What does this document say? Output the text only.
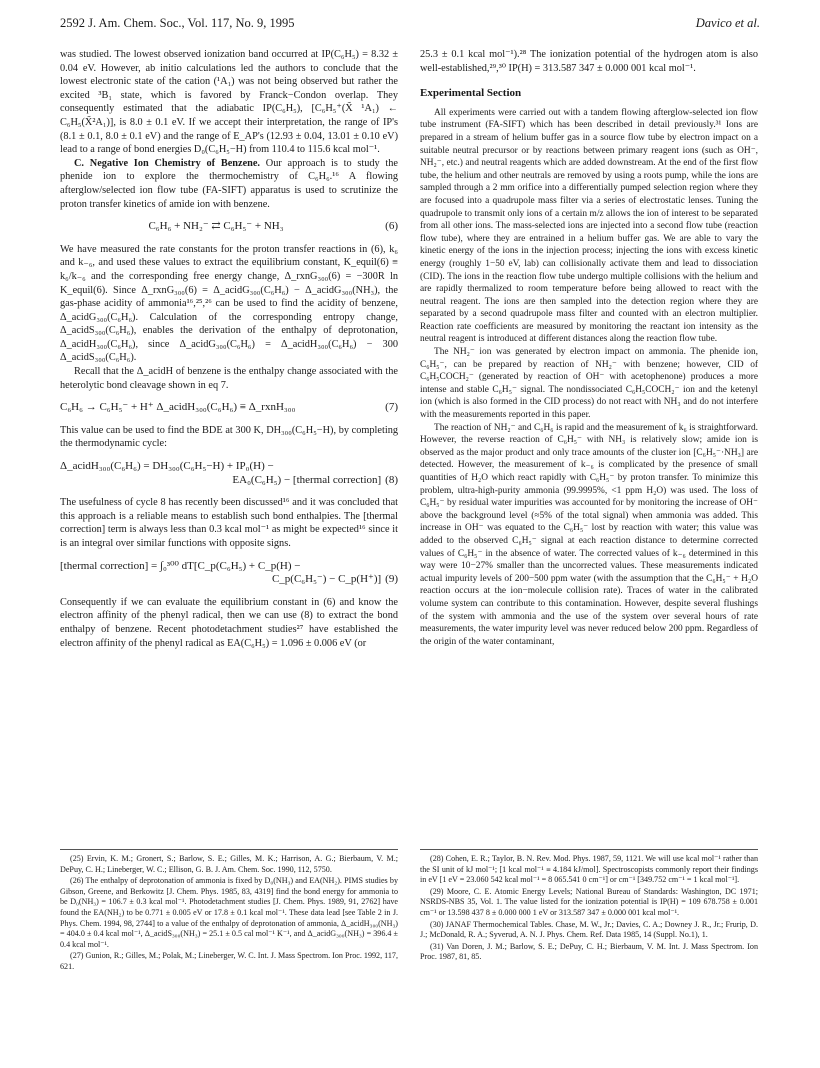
2592 J. Am. Chem. Soc., Vol. 117, No. 9, 1995	Davico et al.

was studied. The lowest observed ionization band occurred at IP(C₆H₅) = 8.32 ± 0.04 eV. However, ab initio calculations led the authors to conclude that the lowest electronic state of the cation (¹A₁) was not being observed but rather the excited ³B₁ state, which is favored by Franck−Condon overlap. They consequently estimated that the adiabatic IP(C₆H₅), [C₆H₅⁺(X̃ ¹A₁) ← C₆H₅(X̃²A₁)], is 8.0 ± 0.1 eV. If we accept their interpretation, the range of IP's (8.1 ± 0.1, 8.0 ± 0.1 eV) and the range of E_AP's (12.93 ± 0.04, 13.01 ± 0.10 eV) lead to a range of bond energies D₀(C₆H₅−H) from 110.4 to 115.6 kcal mol⁻¹.

C. Negative Ion Chemistry of Benzene. Our approach is to study the phenide ion to explore the thermochemistry of C₆H₆.¹⁶ A flowing afterglow/selected ion flow tube (FA-SIFT) apparatus is used to scrutinize the proton transfer kinetics of amide ion with benzene.

C₆H₆ + NH₂⁻ ⇄ C₆H₅⁻ + NH₃	(6)

We have measured the rate constants for the proton transfer reactions in (6), k₆ and k₋₆, and used these values to extract the equilibrium constant, K_equil(6) ≡ k₆/k₋₆ and the corresponding free energy change, Δ_rxnG₃₀₀(6) = −300R ln K_equil(6). Since Δ_rxnG₃₀₀(6) = Δ_acidG₃₀₀(C₆H₆) − Δ_acidG₃₀₀(NH₃), the gas-phase acidity of ammonia¹⁶,²⁵,²⁶ can be used to find the acidity of benzene, Δ_acidG₃₀₀(C₆H₆). Calculation of the corresponding entropy change, Δ_acidS₃₀₀(C₆H₆), enables the derivation of the enthalpy of deprotonation, Δ_acidH₃₀₀(C₆H₆), since Δ_acidG₃₀₀(C₆H₆) = Δ_acidH₃₀₀(C₆H₆) − 300 Δ_acidS₃₀₀(C₆H₆).

Recall that the Δ_acidH of benzene is the enthalpy change associated with the heterolytic bond cleavage shown in eq 7.

C₆H₆ → C₆H₅⁻ + H⁺ Δ_acidH₃₀₀(C₆H₆) ≡ Δ_rxnH₃₀₀	(7)

This value can be used to find the BDE at 300 K, DH₃₀₀(C₆H₅−H), by completing the thermodynamic cycle:

Δ_acidH₃₀₀(C₆H₆) = DH₃₀₀(C₆H₅−H) + IP₀(H) −
EA₀(C₆H₅) − [thermal correction] (8)

The usefulness of cycle 8 has recently been discussed¹⁶ and it was concluded that this approach is a reliable means to establish such bond enthalpies. The [thermal correction] term is always less than 0.3 kcal mol⁻¹ as might be expected¹⁶ since it is an integral over similar functions with opposite signs.

[thermal correction] = ∫₀³⁰⁰ dT[C_p(C₆H₅) + C_p(H) −
C_p(C₆H₅⁻) − C_p(H⁺)] (9)

Consequently if we can evaluate the equilibrium constant in (6) and know the electron affinity of the phenyl radical, then we can use (8) to extract the bond enthalpy of benzene. Recent photodetachment studies²⁷ have established the electron affinity of the phenyl radical as EA(C₆H₅) = 1.096 ± 0.006 eV (or

25.3 ± 0.1 kcal mol⁻¹).²⁸ The ionization potential of the hydrogen atom is also well-established,²⁹,³⁰ IP(H) = 313.587 347 ± 0.000 001 kcal mol⁻¹.

Experimental Section

All experiments were carried out with a tandem flowing afterglow-selected ion flow tube instrument (FA-SIFT) which has been described in detail previously.³¹ Ions are prepared in a stream of helium buffer gas in a source flow tube by electron impact on a suitable neutral precursor or by reactions between primary reagent ions (such as OH⁻, NH₂⁻, etc.) and neutral reagents which are added downstream. At the end of the first flow tube, the helium and other neutrals are removed by using a roots pump, while the ions are sampled through a 2 mm orifice into a differentially pumped selection region where they are focused into a quadrupole mass filter via a series of electrostatic lenses. Tuning the quadrupole to transmit only ions of a certain m/z allows the ion of interest to be separated from all other ions. The mass-selected ions are injected into a second flow tube (reaction flow tube), where they are entrained in a helium buffer gas. We are able to vary the kinetic energy of the ions in the injection process; injecting the ions with excess kinetic energy (roughly 1−50 eV, lab) can collisionally activate them and lead to dissociation (CID). The ions in the reaction flow tube undergo multiple collisions with the helium and are rapidly thermalized to room temperature before being allowed to react with the neutral reagent. The ions are then sampled into the detection region where they are separated by a second quadrupole mass filter and counted with an electron multiplier. Reaction rate coefficients are measured by monitoring the reactant ion intensity as the neutral reagent is introduced at different distances along the reaction flow tube.

The NH₂⁻ ion was generated by electron impact on ammonia. The phenide ion, C₆H₅⁻, can be prepared by reaction of NH₂⁻ with benzene; however, CID of C₆H₅COCH₂⁻ (generated by reaction of OH⁻ with acetophenone) produces a more intense and stable C₆H₅⁻ signal. The nondissociated C₆H₅COCH₂⁻ ion and the ketenyl ion (which is also formed in the CID process) do not react with NH₃ and do not interfere with the measurements reported in this paper.

The reaction of NH₂⁻ and C₆H₆ is rapid and the measurement of k₆ is straightforward. However, the reverse reaction of C₆H₅⁻ with NH₃ is relatively slow; amide ion is observed as the major product and only trace amounts of the cluster ion [C₆H₅⁻·NH₃] are detected. However, the measurement of k₋₆ is complicated by the presence of small quantities of H₂O which react rapidly with C₆H₅⁻ by proton transfer. To minimize this problem, ultra-high-purity ammonia (99.9995%, <1 ppm H₂O) was used. The loss of C₆H₅⁻ by residual water impurities was accounted for by monitoring the increase of OH⁻ above the background level (≈5% of the total signal) when ammonia was added. This increase in OH⁻ was equated to the C₆H₅⁻ lost by reaction with water; this value was added to the observed C₆H₅⁻ signal at each reaction distance to determine corrected values of C₆H₅⁻ in the absence of water. The corrected values of k₋₆ determined in this way were 10−27% smaller than the uncorrected values. These measurements indicated actual impurity levels of 200−500 ppm water (with the assumption that the C₆H₅⁻ + H₂O reaction occurs at the ion−molecule collision rate). Traces of water in the calibrated volume system can contribute to this contamination. However, despite several flushings of the system with ammonia and the use of the system over several hours of rate measurements, the water impurity level was never reduced below 200 ppm. Regardless of the origin of the water contaminant,

(25) Ervin, K. M.; Gronert, S.; Barlow, S. E.; Gilles, M. K.; Harrison, A. G.; Bierbaum, V. M.; DePuy, C. H.; Lineberger, W. C.; Ellison, G. B. J. Am. Chem. Soc. 1990, 112, 5750.

(26) The enthalpy of deprotonation of ammonia is fixed by D₀(NH₃) and EA(NH₂). PIMS studies by Gibson, Greene, and Berkowitz [J. Chem. Phys. 1985, 83, 4319] find the bond energy for ammonia to be D₀(NH₃) = 106.7 ± 0.3 kcal mol⁻¹. Photodetachment studies [J. Chem. Phys. 1989, 91, 2762] have found the EA(NH₂) to be 0.771 ± 0.005 eV or 17.8 ± 0.1 kcal mol⁻¹. These data lead [see Table 2 in J. Phys. Chem. 1994, 98, 2744] to a value of the enthalpy of deprotonation of ammonia, Δ_acidH₃₀₀(NH₃) = 404.0 ± 0.4 kcal mol⁻¹, Δ_acidS₃₀₀(NH₃) = 25.1 ± 0.5 cal mol⁻¹ K⁻¹, and Δ_acidG₃₀₀(NH₃) = 396.4 ± 0.4 kcal mol⁻¹.

(27) Gunion, R.; Gilles, M.; Polak, M.; Lineberger, W. C. Int. J. Mass Spectrom. Ion Proc. 1992, 117, 621.

(28) Cohen, E. R.; Taylor, B. N. Rev. Mod. Phys. 1987, 59, 1121. We will use kcal mol⁻¹ rather than the SI unit of kJ mol⁻¹; [1 kcal mol⁻¹ ≡ 4.184 kJ/mol]. Spectroscopists commonly report their findings in eV [1 eV = 23.060 542 kcal mol⁻¹ = 8 065.541 0 cm⁻¹] or cm⁻¹ [349.752 cm⁻¹ = 1 kcal mol⁻¹].

(29) Moore, C. E. Atomic Energy Levels; National Bureau of Standards: Washington, DC 1971; NSRDS-NBS 35, Vol. 1. The value listed for the ionization potential is IP(H) = 109 678.758 ± 0.001 cm⁻¹ or 13.598 437 8 ± 0.000 000 1 eV or 313.587 347 ± 0.000 001 kcal mol⁻¹.

(30) JANAF Thermochemical Tables. Chase, M. W., Jr.; Davies, C. A.; Downey J. R., Jr.; Frurip, D. J.; McDonald, R. A.; Syverud, A. N. J. Phys. Chem. Ref. Data 1985, 14 (Suppl. No.1), 1.

(31) Van Doren, J. M.; Barlow, S. E.; DePuy, C. H.; Bierbaum, V. M. Int. J. Mass Spectrom. Ion Proc. 1987, 81, 85.
